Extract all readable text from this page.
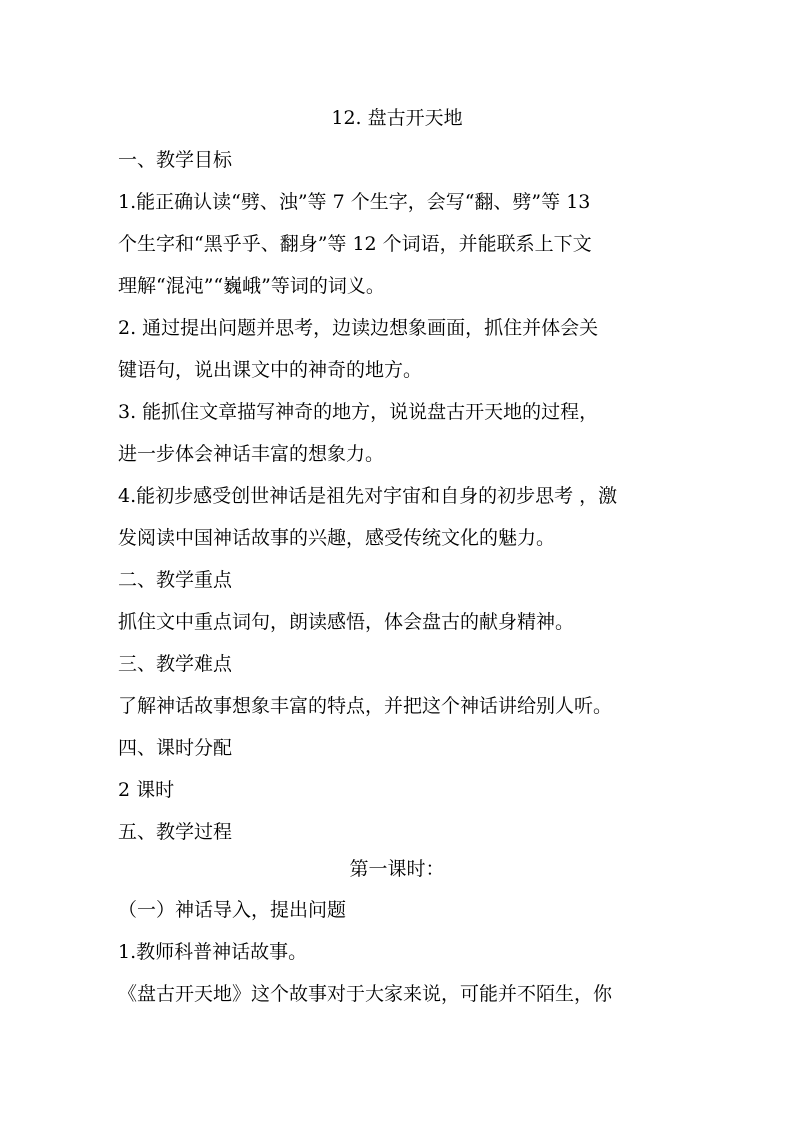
12. 盘古开天地
一、教学目标
1.能正确认读“劈、浊”等 7 个生字，会写“翻、劈”等 13
个生字和“黑乎乎、翻身”等 12 个词语，并能联系上下文
理解“混沌”“巍峨”等词的词义。
2. 通过提出问题并思考，边读边想象画面，抓住并体会关
键语句，说出课文中的神奇的地方。
3. 能抓住文章描写神奇的地方，说说盘古开天地的过程，
进一步体会神话丰富的想象力。
4.能初步感受创世神话是祖先对宇宙和自身的初步思考 ，激
发阅读中国神话故事的兴趣，感受传统文化的魅力。
二、教学重点
抓住文中重点词句，朗读感悟，体会盘古的献身精神。
三、教学难点
了解神话故事想象丰富的特点，并把这个神话讲给别人听。
四、课时分配
2 课时
五、教学过程
第一课时：
（一）神话导入，提出问题
1.教师科普神话故事。
《盘古开天地》这个故事对于大家来说，可能并不陌生，你
